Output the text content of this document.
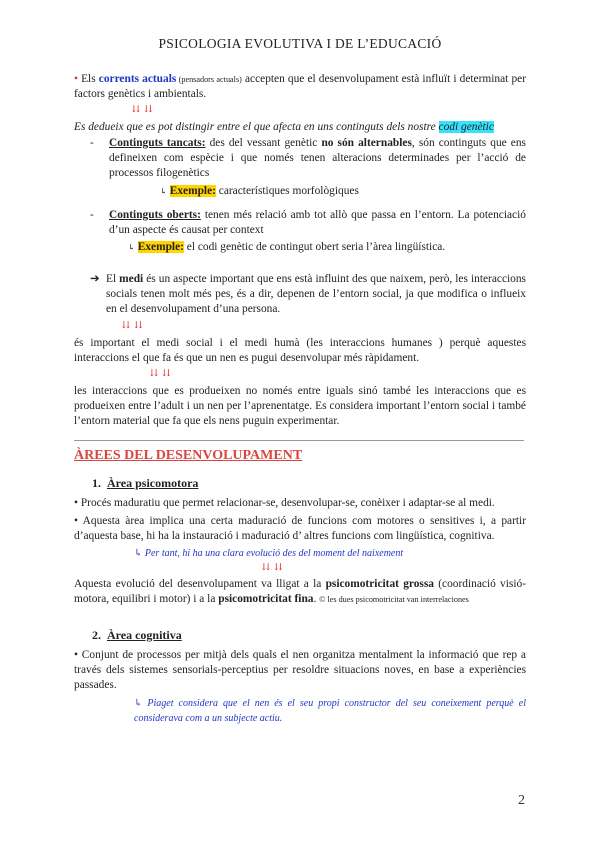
PSICOLOGIA EVOLUTIVA I DE L’EDUCACIÓ
• Els corrents actuals (pensadors actuals) accepten que el desenvolupament està influït i determinat per factors genètics i ambientals.
⇊ ⇊
Es dedueix que es pot distingir entre el que afecta en uns continguts dels nostre codi genètic
-	Continguts tancats: des del vessant genètic no són alternables, són continguts que ens defineixen com espècie i que només tenen alteracions determinades per l’acció de processos filogenètics
↳ Exemple: característiques morfològiques
-	Continguts oberts: tenen més relació amb tot allò que passa en l’entorn. La potenciació d’un aspecte és causat per context
↳ Exemple: el codi genètic de contingut obert seria l’àrea lingüística.
➔ El medi és un aspecte important que ens està influint des que naixem, però, les interaccions socials tenen molt més pes, és a dir, depenen de l’entorn social, ja que modifica o influeix en el desenvolupament d’una persona.
⇊ ⇊
és important el medi social i el medi humà (les interaccions humanes ) perquè aquestes interaccions el que fa és que un nen es pugui desenvolupar més ràpidament.
⇊ ⇊
les interaccions que es produeixen no només entre iguals sinó també les interaccions que es produeixen entre l’adult i un nen per l’aprenentatge. Es considera important l’entorn social i també l’entorn material que fa que els nens puguin experimentar.
ÀREES DEL DESENVOLUPAMENT
1. Àrea psicomotora
• Procés maduratiu que permet relacionar-se, desenvolupar-se, conèixer i adaptar-se al medi.
• Aquesta àrea implica una certa maduració de funcions com motores o sensitives i, a partir d’aquesta base, hi ha la instauració i maduració d’ altres funcions com lingüística, cognitiva.
↳ Per tant, hi ha una clara evolució des del moment del naixement
⇊ ⇊
Aquesta evolució del desenvolupament va lligat a la psicomotricitat grossa (coordinació visió-motora, equilibri i motor) i a la psicomotricitat fina. © les dues psicomotricitat van interrelaciones
2. Àrea cognitiva
• Conjunt de processos per mitjà dels quals el nen organitza mentalment la informació que rep a través dels sistemes sensorials-perceptius per resoldre situacions noves, en base a experiències passades.
↳ Piaget considera que el nen és el seu propi constructor del seu coneixement perquè el considerava com a un subjecte actiu.
2
